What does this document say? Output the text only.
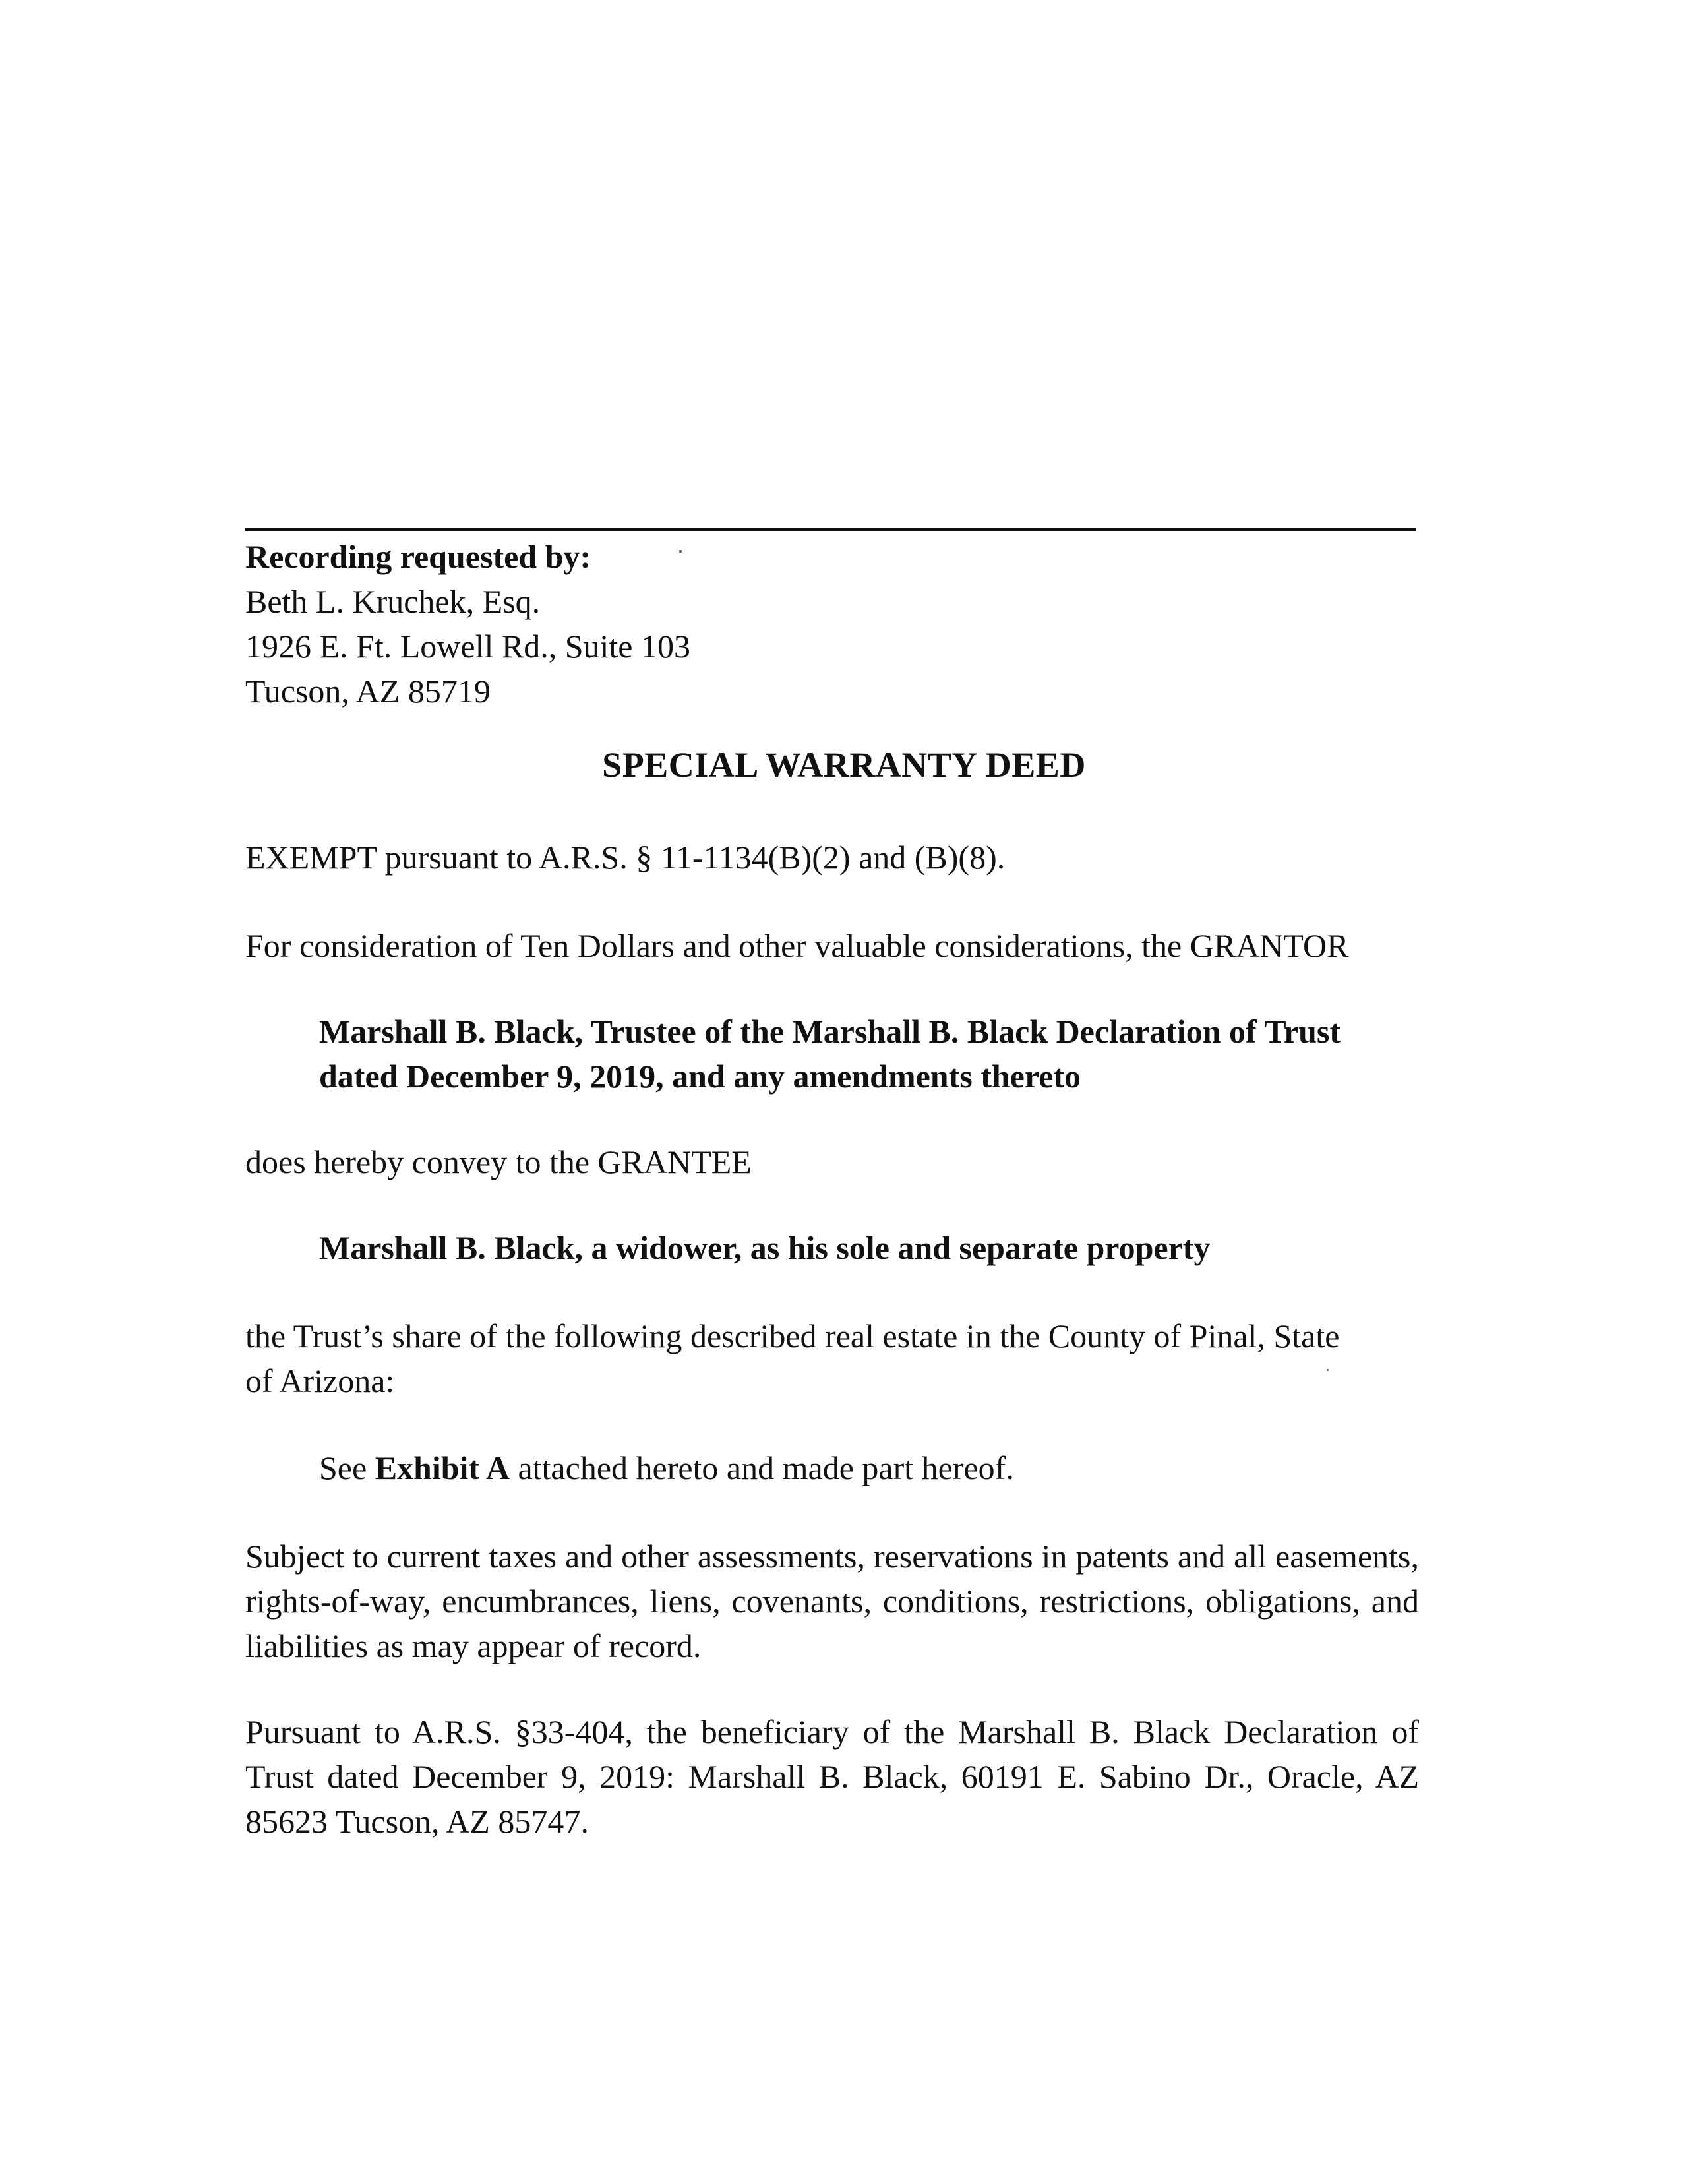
Recording requested by:
Beth L. Kruchek, Esq.
1926 E. Ft. Lowell Rd., Suite 103
Tucson, AZ 85719
SPECIAL WARRANTY DEED
EXEMPT pursuant to A.R.S. § 11-1134(B)(2) and (B)(8).
For consideration of Ten Dollars and other valuable considerations, the GRANTOR
Marshall B. Black, Trustee of the Marshall B. Black Declaration of Trust
dated December 9, 2019, and any amendments thereto
does hereby convey to the GRANTEE
Marshall B. Black, a widower, as his sole and separate property
the Trust’s share of the following described real estate in the County of Pinal, State of Arizona:
See Exhibit A attached hereto and made part hereof.
Subject to current taxes and other assessments, reservations in patents and all easements, rights-of-way, encumbrances, liens, covenants, conditions, restrictions, obligations, and liabilities as may appear of record.
Pursuant to A.R.S. §33-404, the beneficiary of the Marshall B. Black Declaration of Trust dated December 9, 2019: Marshall B. Black, 60191 E. Sabino Dr., Oracle, AZ 85623 Tucson, AZ 85747.
